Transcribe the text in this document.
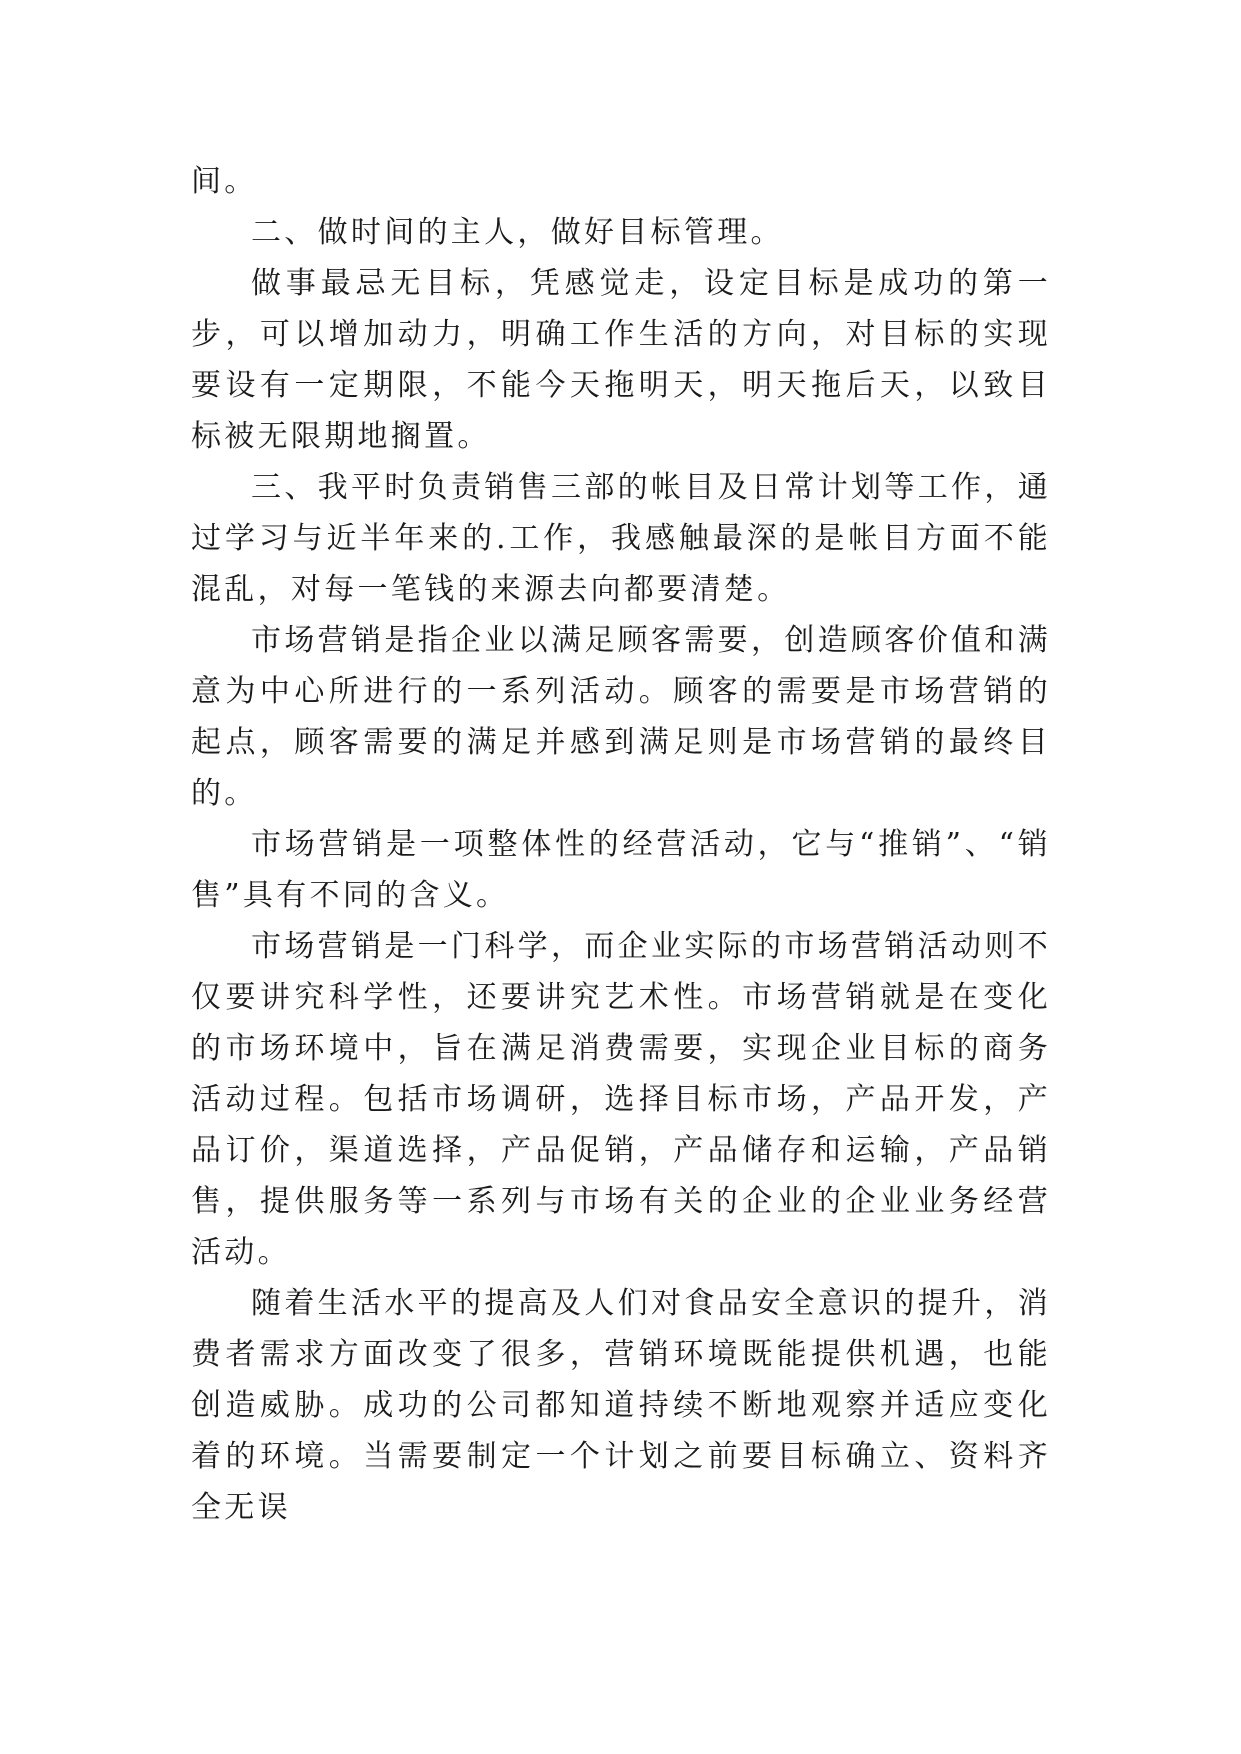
间。

二、做时间的主人，做好目标管理。

做事最忌无目标，凭感觉走，设定目标是成功的第一步，可以增加动力，明确工作生活的方向，对目标的实现要设有一定期限，不能今天拖明天，明天拖后天，以致目标被无限期地搁置。

三、我平时负责销售三部的帐目及日常计划等工作，通过学习与近半年来的.工作，我感触最深的是帐目方面不能混乱，对每一笔钱的来源去向都要清楚。

市场营销是指企业以满足顾客需要，创造顾客价值和满意为中心所进行的一系列活动。顾客的需要是市场营销的起点，顾客需要的满足并感到满足则是市场营销的最终目的。

市场营销是一项整体性的经营活动，它与“推销”、“销售”具有不同的含义。

市场营销是一门科学，而企业实际的市场营销活动则不仅要讲究科学性，还要讲究艺术性。市场营销就是在变化的市场环境中，旨在满足消费需要，实现企业目标的商务活动过程。包括市场调研，选择目标市场，产品开发，产品订价，渠道选择，产品促销，产品储存和运输，产品销售，提供服务等一系列与市场有关的企业的企业业务经营活动。

随着生活水平的提高及人们对食品安全意识的提升，消费者需求方面改变了很多，营销环境既能提供机遇，也能创造威胁。成功的公司都知道持续不断地观察并适应变化着的环境。当需要制定一个计划之前要目标确立、资料齐全无误
